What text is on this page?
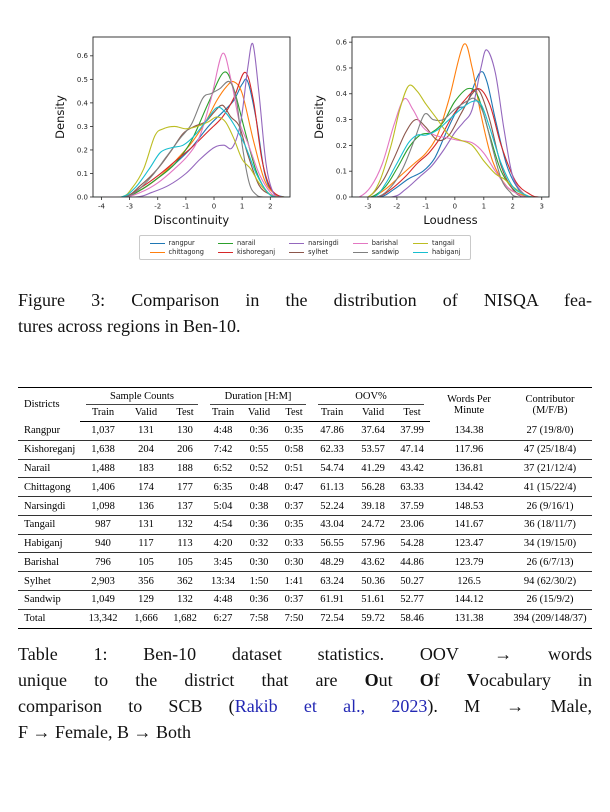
-4	-3	-2	-1	0	1	2
0.0
0.1
0.2
0.3
0.4
0.5
0.6
Discontinuity
Density
-3	-2	-1	0	1	2	3
0.0
0.1
0.2
0.3
0.4
0.5
0.6
Loudness
Density
rangpur	narail	narsingdi	barishal	tangail
chittagong	kishoreganj	sylhet	sandwip	habiganj
Figure 3: Comparison in the distribution of NISQA fea-
tures across regions in Ben-10.
Districts	Sample Counts			Duration [H:M]			OOV%			Words Per Minute	Contributor (M/F/B)
	Train	Valid	Test	Train	Valid	Test	Train	Valid	Test		
Rangpur	1,037	131	130	4:48	0:36	0:35	47.86	37.64	37.99	134.38	27 (19/8/0)
Kishoreganj	1,638	204	206	7:42	0:55	0:58	62.33	53.57	47.14	117.96	47 (25/18/4)
Narail	1,488	183	188	6:52	0:52	0:51	54.74	41.29	43.42	136.81	37 (21/12/4)
Chittagong	1,406	174	177	6:35	0:48	0:47	61.13	56.28	63.33	134.42	41 (15/22/4)
Narsingdi	1,098	136	137	5:04	0:38	0:37	52.24	39.18	37.59	148.53	26 (9/16/1)
Tangail	987	131	132	4:54	0:36	0:35	43.04	24.72	23.06	141.67	36 (18/11/7)
Habiganj	940	117	113	4:20	0:32	0:33	56.55	57.96	54.28	123.47	34 (19/15/0)
Barishal	796	105	105	3:45	0:30	0:30	48.29	43.62	44.86	123.79	26 (6/7/13)
Sylhet	2,903	356	362	13:34	1:50	1:41	63.24	50.36	50.27	126.5	94 (62/30/2)
Sandwip	1,049	129	132	4:48	0:36	0:37	61.91	51.61	52.77	144.12	26 (15/9/2)
Total	13,342	1,666	1,682	6:27	7:58	7:50	72.54	59.72	58.46	131.38	394 (209/148/37)
Table 1: Ben-10 dataset statistics. OOV → words
unique to the district that are Out Of Vocabulary in
comparison to SCB (Rakib et al., 2023). M → Male,
F → Female, B → Both
